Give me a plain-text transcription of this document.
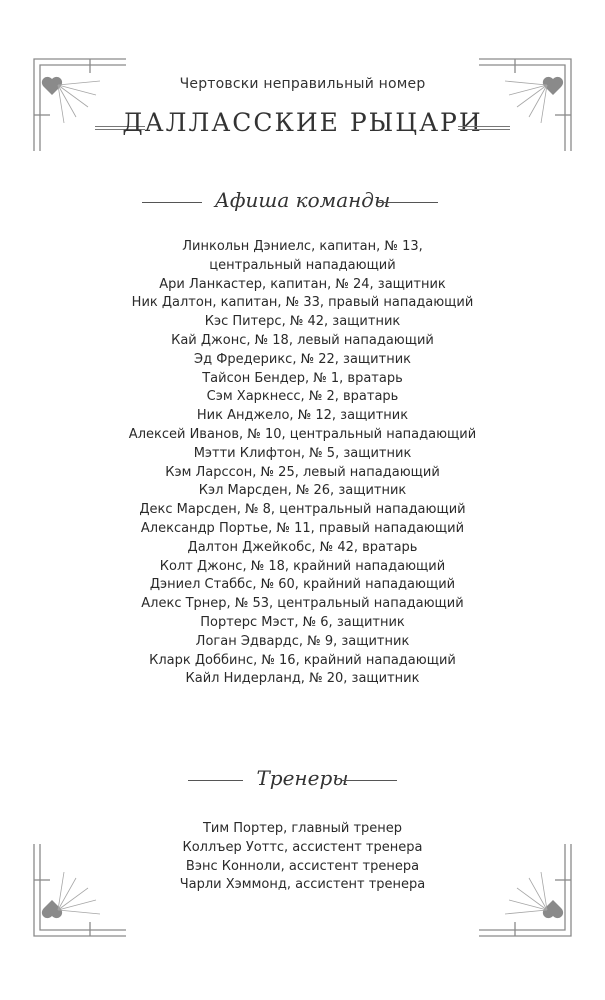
Чертовски неправильный номер
ДАЛЛАССКИЕ РЫЦАРИ
Афиша команды
Линкольн Дэниелс, капитан, № 13,
центральный нападающий
Ари Ланкастер, капитан, № 24, защитник
Ник Далтон, капитан, № 33, правый нападающий
Кэс Питерс, № 42, защитник
Кай Джонс, № 18, левый нападающий
Эд Фредерикс, № 22, защитник
Тайсон Бендер, № 1, вратарь
Сэм Харкнесс, № 2, вратарь
Ник Анджело, № 12, защитник
Алексей Иванов, № 10, центральный нападающий
Мэтти Клифтон, № 5, защитник
Кэм Ларссон, № 25, левый нападающий
Кэл Марсден, № 26, защитник
Декс Марсден, № 8, центральный нападающий
Александр Портье, № 11, правый нападающий
Далтон Джейкобс, № 42, вратарь
Колт Джонс, № 18, крайний нападающий
Дэниел Стаббс, № 60, крайний нападающий
Алекс Трнер, № 53, центральный нападающий
Портерс Мэст, № 6, защитник
Логан Эдвардс, № 9, защитник
Кларк Доббинс, № 16, крайний нападающий
Кайл Нидерланд, № 20, защитник
Тренеры
Тим Портер, главный тренер
Коллъер Уоттс, ассистент тренера
Вэнс Конноли, ассистент тренера
Чарли Хэммонд, ассистент тренера
